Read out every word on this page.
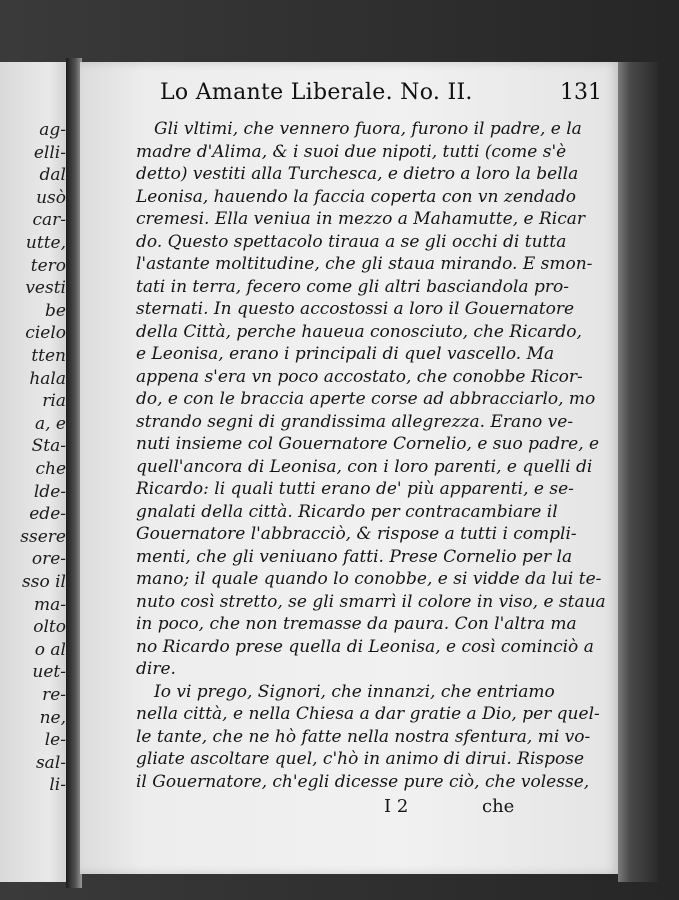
ag-
elli-
dal
usò
car-
utte,
tero
vesti
be
cielo
tten
hala
ria
a, e
Sta-
che
lde-
ede-
ssere
ore-
sso il
ma-
olto
o al
uet-
re-
ne,
le-
sal-
li-
Lo Amante Liberale. No. II.	131
Gli vltimi, che vennero fuora, furono il padre, e la
madre d'Alima, & i suoi due nipoti, tutti (come s'è
detto) vestiti alla Turchesca, e dietro a loro la bella
Leonisa, hauendo la faccia coperta con vn zendado
cremesi. Ella veniua in mezzo a Mahamutte, e Ricar
do. Questo spettacolo tiraua a se gli occhi di tutta
l'astante moltitudine, che gli staua mirando. E smon-
tati in terra, fecero come gli altri basciandola pro-
sternati. In questo accostossi a loro il Gouernatore
della Città, perche haueua conosciuto, che Ricardo,
e Leonisa, erano i principali di quel vascello. Ma
appena s'era vn poco accostato, che conobbe Ricor-
do, e con le braccia aperte corse ad abbracciarlo, mo
strando segni di grandissima allegrezza. Erano ve-
nuti insieme col Gouernatore Cornelio, e suo padre, e
quell'ancora di Leonisa, con i loro parenti, e quelli di
Ricardo: li quali tutti erano de' più apparenti, e se-
gnalati della città. Ricardo per contracambiare il
Gouernatore l'abbracciò, & rispose a tutti i compli-
menti, che gli veniuano fatti. Prese Cornelio per la
mano; il quale quando lo conobbe, e si vidde da lui te-
nuto così stretto, se gli smarrì il colore in viso, e staua
in poco, che non tremasse da paura. Con l'altra ma
no Ricardo prese quella di Leonisa, e così cominciò a
dire.
Io vi prego, Signori, che innanzi, che entriamo
nella città, e nella Chiesa a dar gratie a Dio, per quel-
le tante, che ne hò fatte nella nostra sfentura, mi vo-
gliate ascoltare quel, c'hò in animo di dirui. Rispose
il Gouernatore, ch'egli dicesse pure ciò, che volesse,
I 2	che
